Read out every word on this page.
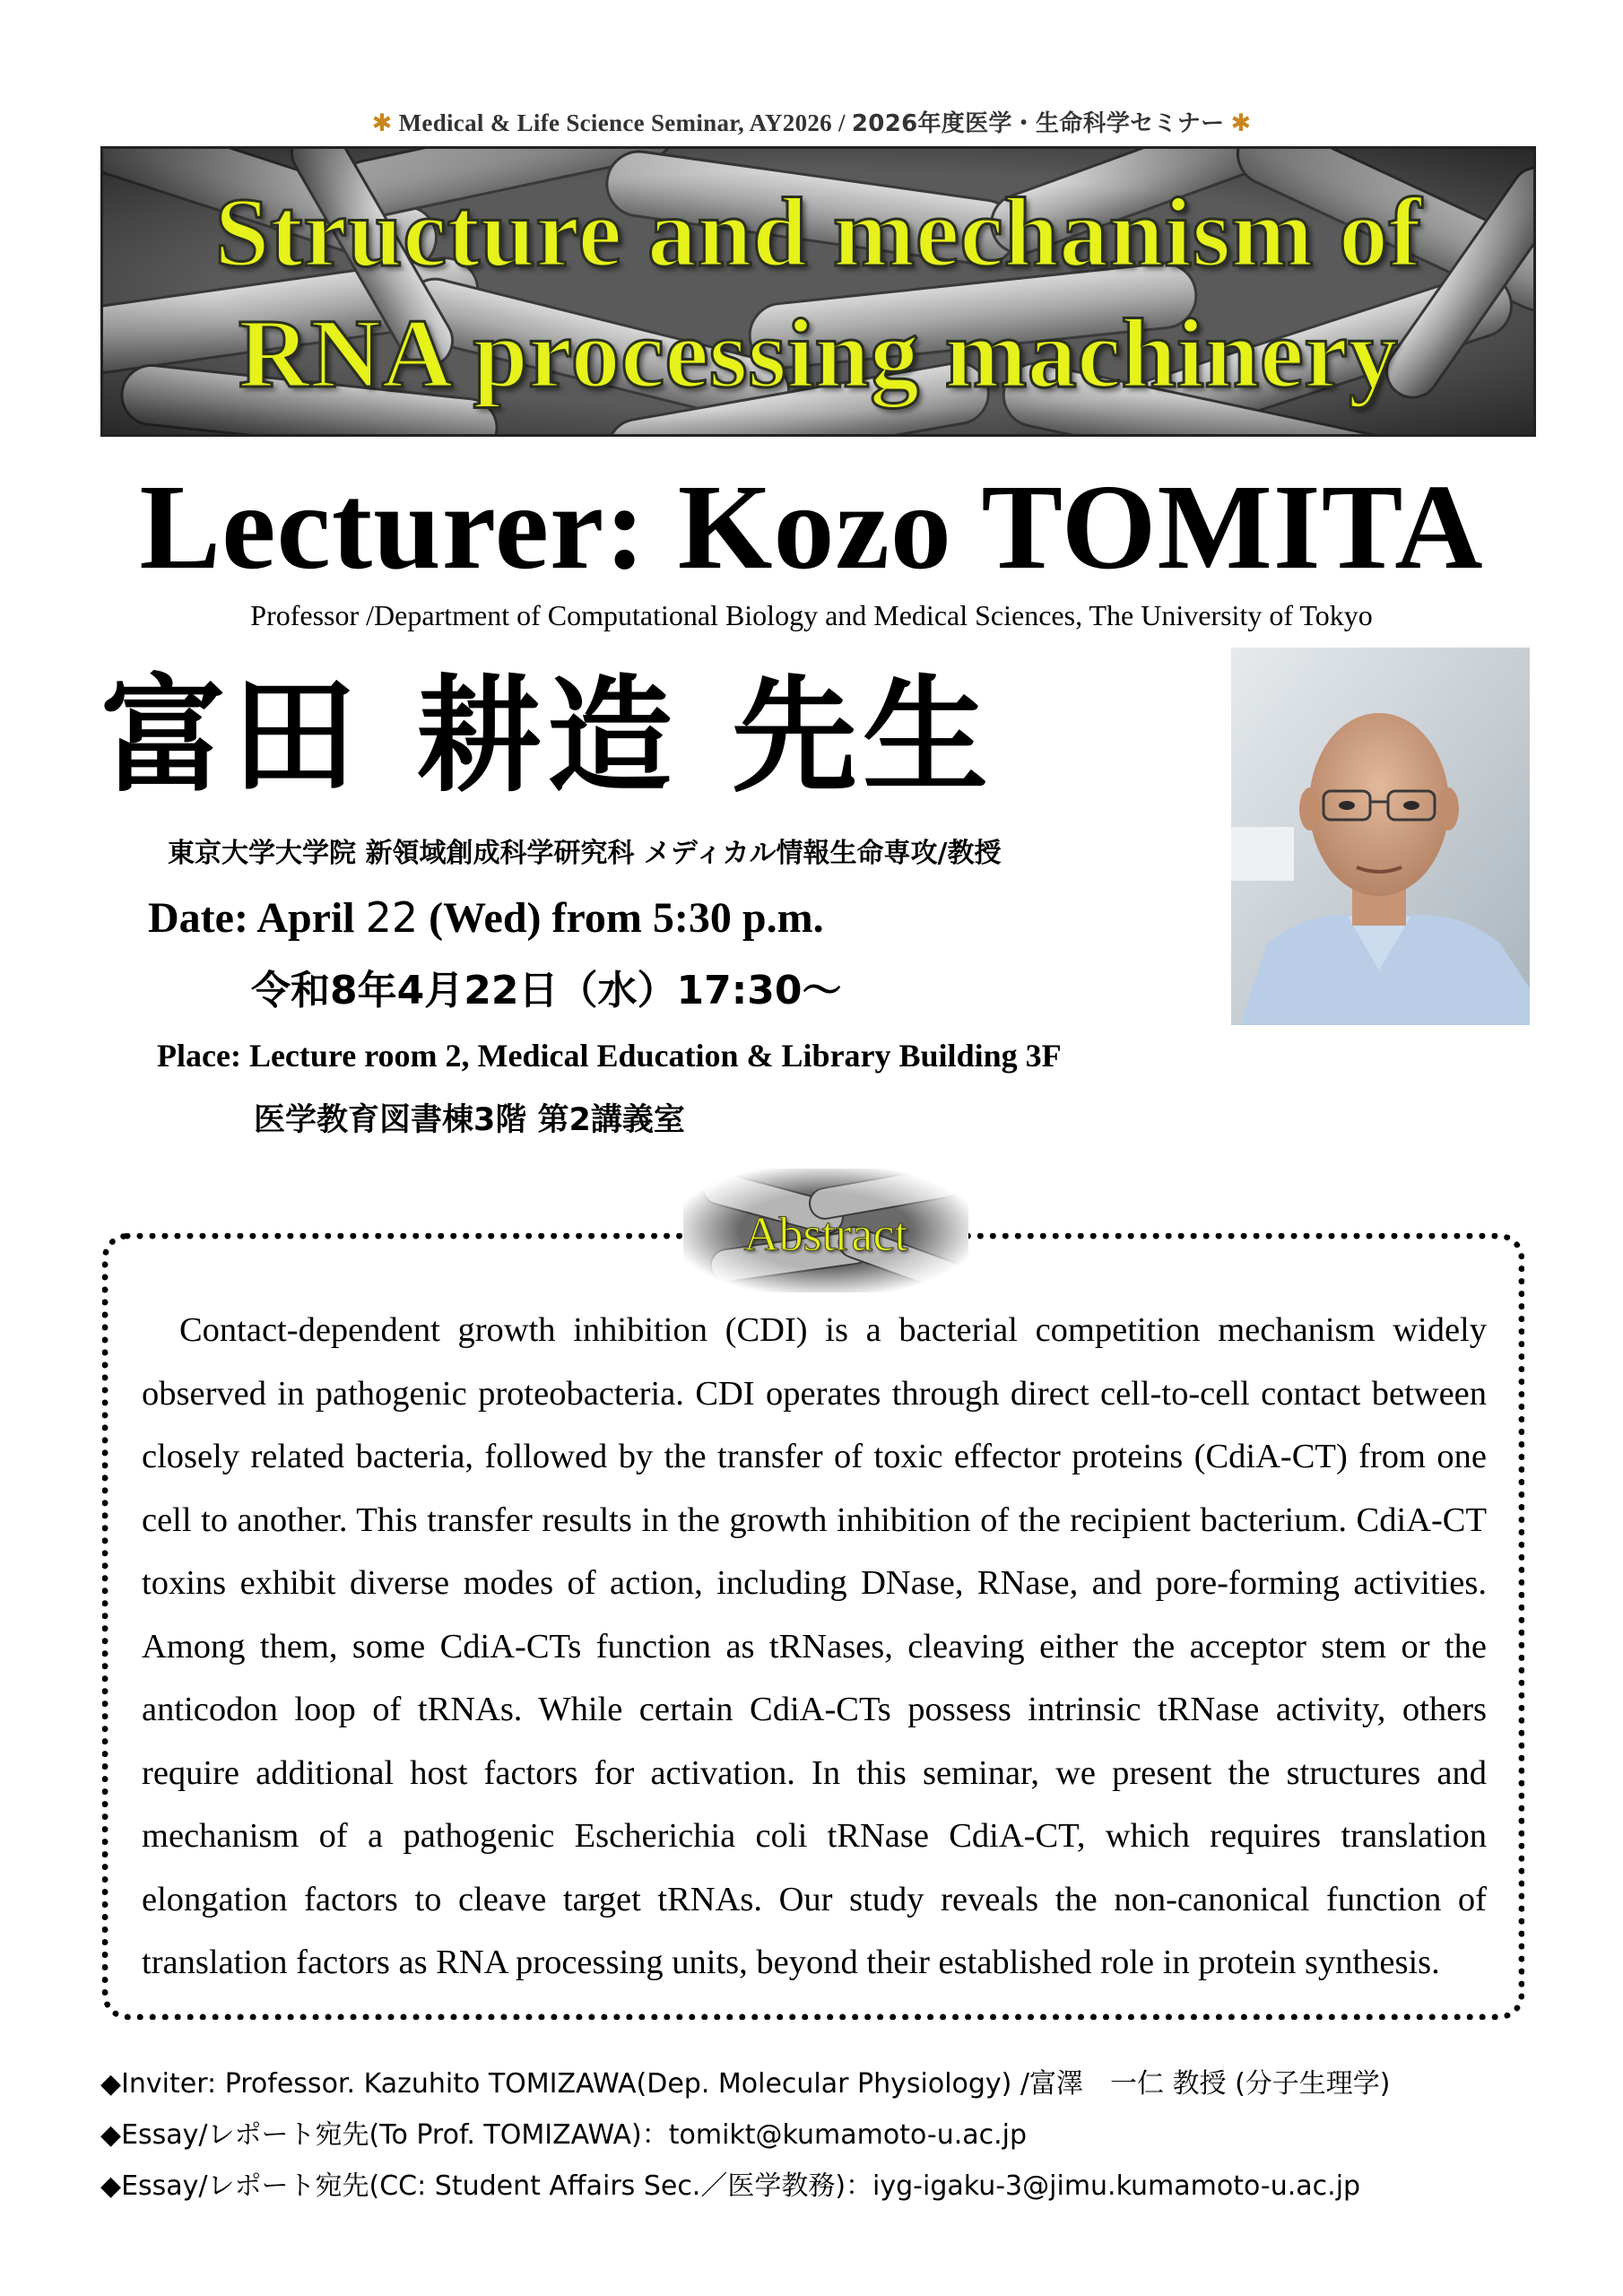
✱ Medical & Life Science Seminar, AY2026 / 2026年度医学・生命科学セミナー ✱
Structure and mechanism of
RNA processing machinery
Lecturer: Kozo TOMITA
Professor /Department of Computational Biology and Medical Sciences, The University of Tokyo
富田 耕造 先生
東京大学大学院 新領域創成科学研究科 メディカル情報生命専攻/教授
Date: April 22 (Wed) from 5:30 p.m.
令和8年4月22日（水）17:30～
Place: Lecture room 2, Medical Education & Library Building 3F
医学教育図書棟3階 第2講義室
Abstract

Contact-dependent growth inhibition (CDI) is a bacterial competition mechanism widely observed in pathogenic proteobacteria. CDI operates through direct cell-to-cell contact between closely related bacteria, followed by the transfer of toxic effector proteins (CdiA-CT) from one cell to another. This transfer results in the growth inhibition of the recipient bacterium. CdiA-CT toxins exhibit diverse modes of action, including DNase, RNase, and pore-forming activities. Among them, some CdiA-CTs function as tRNases, cleaving either the acceptor stem or the anticodon loop of tRNAs. While certain CdiA-CTs possess intrinsic tRNase activity, others require additional host factors for activation. In this seminar, we present the structures and mechanism of a pathogenic Escherichia coli tRNase CdiA-CT, which requires translation elongation factors to cleave target tRNAs. Our study reveals the non-canonical function of translation factors as RNA processing units, beyond their established role in protein synthesis.

◆Inviter: Professor. Kazuhito TOMIZAWA(Dep. Molecular Physiology) /富澤　一仁 教授 (分子生理学)
◆Essay/レポート宛先(To Prof. TOMIZAWA)：tomikt@kumamoto-u.ac.jp
◆Essay/レポート宛先(CC: Student Affairs Sec.／医学教務)：iyg-igaku-3@jimu.kumamoto-u.ac.jp
